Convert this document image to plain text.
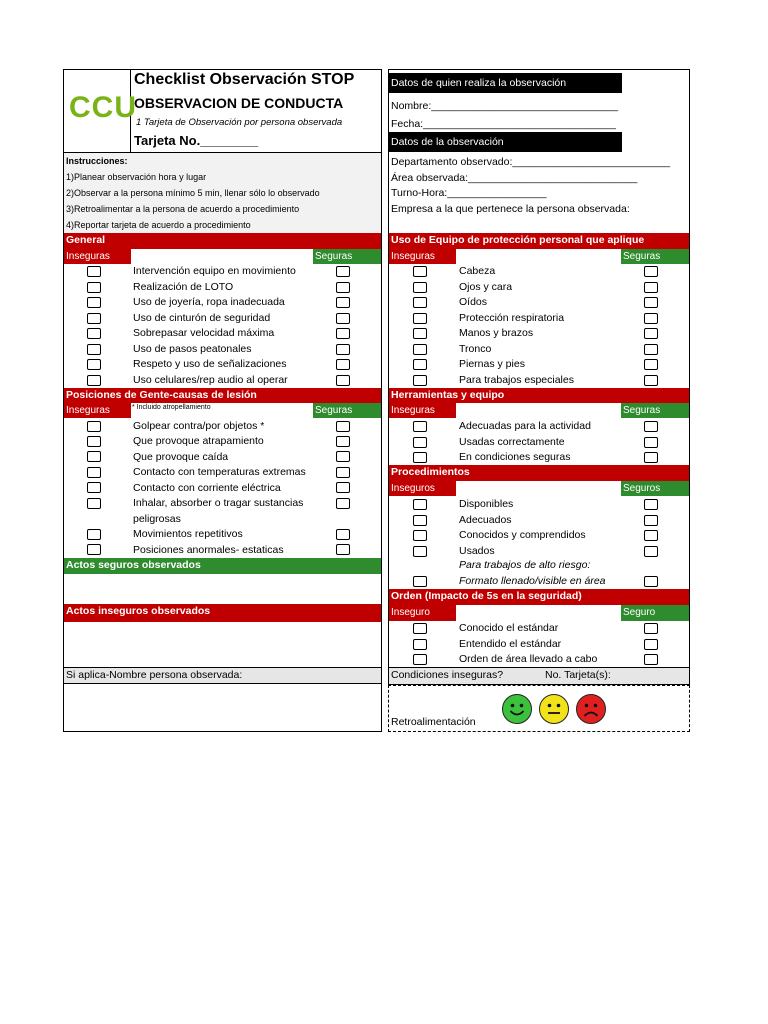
CCU
Checklist Observación STOP
OBSERVACION DE CONDUCTA
1 Tarjeta de Observación por persona observada
Tarjeta No.________
Instrucciones:
1)Planear observación hora y lugar
2)Observar a la persona mínimo 5 min, llenar sólo lo observado
3)Retroalimentar a la persona de acuerdo a procedimiento
4)Reportar tarjeta de acuerdo a procedimiento
General
Inseguras	Seguras
Intervención equipo en movimiento
Realización de LOTO
Uso de joyería, ropa inadecuada
Uso de cinturón de seguridad
Sobrepasar velocidad máxima
Uso de pasos peatonales
Respeto y uso de señalizaciones
Uso celulares/rep audio al operar
Posiciones de Gente-causas de lesión
Inseguras	* Incluido atropellamiento	Seguras
Golpear contra/por objetos *
Que provoque atrapamiento
Que provoque caída
Contacto con temperaturas extremas
Contacto con corriente eléctrica
Inhalar, absorber o tragar sustancias
peligrosas
Movimientos repetitivos
Posiciones anormales- estaticas
Actos seguros observados
Actos inseguros observados
Si aplica-Nombre persona observada:
Datos de quien realiza la observación
Nombre:________________________________
Fecha:_________________________________
Datos de la observación
Departamento observado:___________________________
Área observada:_____________________________
Turno-Hora:_________________
Empresa a la que pertenece la persona observada:
Uso de Equipo de protección personal que aplique
Inseguras	Seguras
Cabeza
Ojos y cara
Oídos
Protección respiratoria
Manos y brazos
Tronco
Piernas y pies
Para trabajos especiales
Herramientas y equipo
Inseguras	Seguras
Adecuadas para la actividad
Usadas correctamente
En condiciones seguras
Procedimientos
Inseguros	Seguros
Disponibles
Adecuados
Conocidos y comprendidos
Usados
Para trabajos de alto riesgo:
Formato llenado/visible en área
Orden (Impacto de 5s en la seguridad)
Inseguro	Seguro
Conocido el estándar
Entendido el estándar
Orden de área llevado a cabo
Condiciones inseguras?	No. Tarjeta(s):
Retroalimentación
